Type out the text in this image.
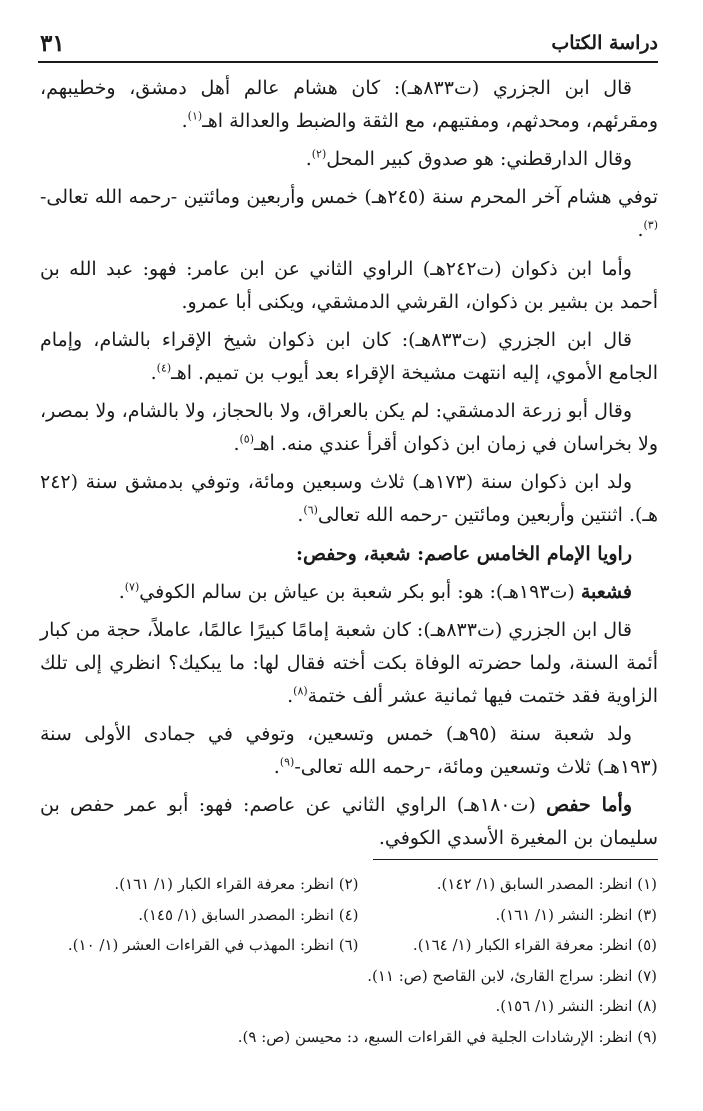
دراسة الكتاب
٣١

قال ابن الجزري (ت٨٣٣هـ): كان هشام عالم أهل دمشق، وخطيبهم، ومقرئهم، ومحدثهم، ومفتيهم، مع الثقة والضبط والعدالة اهـ$^{(١)}$.

وقال الدارقطني: هو صدوق كبير المحل$^{(٢)}$.

توفي هشام آخر المحرم سنة (٢٤٥هـ) خمس وأربعين ومائتين -رحمه الله تعالى-$^{(٣)}$.

وأما ابن ذكوان (ت٢٤٢هـ) الراوي الثاني عن ابن عامر: فهو: عبد الله بن أحمد بن بشير بن ذكوان، القرشي الدمشقي، ويكنى أبا عمرو.

قال ابن الجزري (ت٨٣٣هـ): كان ابن ذكوان شيخ الإقراء بالشام، وإمام الجامع الأموي، إليه انتهت مشيخة الإقراء بعد أيوب بن تميم. اهـ$^{(٤)}$.

وقال أبو زرعة الدمشقي: لم يكن بالعراق، ولا بالحجاز، ولا بالشام، ولا بمصر، ولا بخراسان في زمان ابن ذكوان أقرأ عندي منه. اهـ$^{(٥)}$.

ولد ابن ذكوان سنة (١٧٣هـ) ثلاث وسبعين ومائة، وتوفي بدمشق سنة (٢٤٢ هـ). اثنتين وأربعين ومائتين -رحمه الله تعالى$^{(٦)}$.

راويا الإمام الخامس عاصم: شعبة، وحفص:

فشعبة (ت١٩٣هـ): هو: أبو بكر شعبة بن عياش بن سالم الكوفي$^{(٧)}$.

قال ابن الجزري (ت٨٣٣هـ): كان شعبة إمامًا كبيرًا عالمًا، عاملاً، حجة من كبار أئمة السنة، ولما حضرته الوفاة بكت أخته فقال لها: ما يبكيك؟ انظري إلى تلك الزاوية فقد ختمت فيها ثمانية عشر ألف ختمة$^{(٨)}$.

ولد شعبة سنة (٩٥هـ) خمس وتسعين، وتوفي في جمادى الأولى سنة (١٩٣هـ) ثلاث وتسعين ومائة، -رحمه الله تعالى-$^{(٩)}$.

وأما حفص (ت١٨٠هـ) الراوي الثاني عن عاصم: فهو: أبو عمر حفص بن سليمان بن المغيرة الأسدي الكوفي.

(١) انظر: المصدر السابق (١/ ١٤٢).
(٢) انظر: معرفة القراء الكبار (١/ ١٦١).
(٣) انظر: النشر (١/ ١٦١).
(٤) انظر: المصدر السابق (١/ ١٤٥).
(٥) انظر: معرفة القراء الكبار (١/ ١٦٤).
(٦) انظر: المهذب في القراءات العشر (١/ ١٠).
(٧) انظر: سراج القارئ، لابن القاصح (ص: ١١).
(٨) انظر: النشر (١/ ١٥٦).
(٩) انظر: الإرشادات الجلية في القراءات السبع، د: محيسن (ص: ٩).
